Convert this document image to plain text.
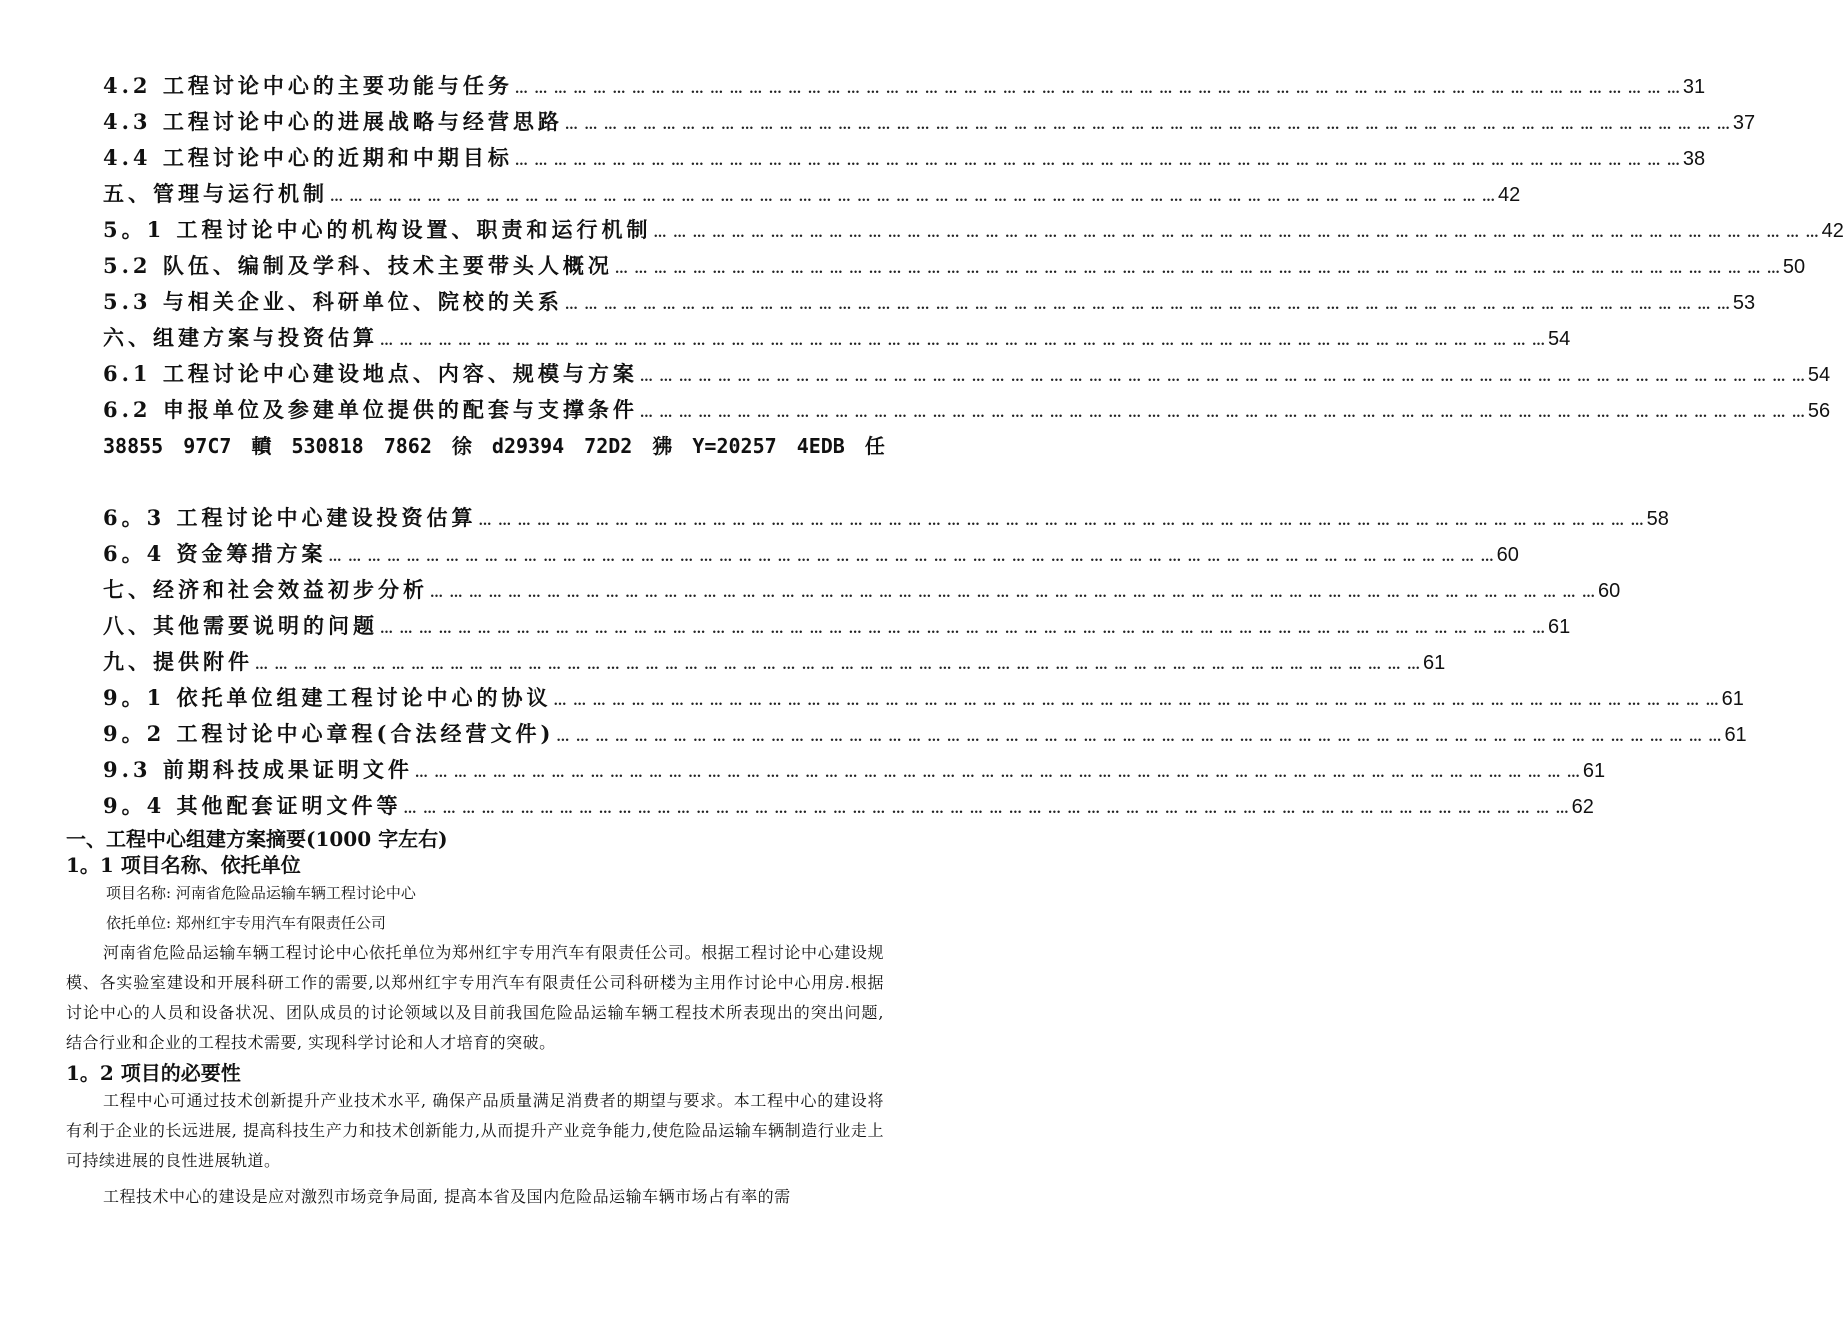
4.2 工程讨论中心的主要功能与任务 … … … … … … … … … … … … … … … … … … … … … … … … … … … … … … … … … … … … … … … … … … … … … … … … … … … … … … … … … … … … 31
4.3 工程讨论中心的进展战略与经营思路 … … … … … … … … … … … … … … … … … … … … … … … … … … … … … … … … … … … … … … … … … … … … … … … … … … … … … … … … … … … … 37
4.4 工程讨论中心的近期和中期目标 … … … … … … … … … … … … … … … … … … … … … … … … … … … … … … … … … … … … … … … … … … … … … … … … … … … … … … … … … … … … 38
五、管理与运行机制 … … … … … … … … … … … … … … … … … … … … … … … … … … … … … … … … … … … … … … … … … … … … … … … … … … … … … … … … … … … … 42
5。1 工程讨论中心的机构设置、职责和运行机制 … … … … … … … … … … … … … … … … … … … … … … … … … … … … … … … … … … … … … … … … … … … … … … … … … … … … … … … … … … … … 42
5.2 队伍、编制及学科、技术主要带头人概况 … … … … … … … … … … … … … … … … … … … … … … … … … … … … … … … … … … … … … … … … … … … … … … … … … … … … … … … … … … … … 50
5.3 与相关企业、科研单位、院校的关系 … … … … … … … … … … … … … … … … … … … … … … … … … … … … … … … … … … … … … … … … … … … … … … … … … … … … … … … … … … … … 53
六、组建方案与投资估算 … … … … … … … … … … … … … … … … … … … … … … … … … … … … … … … … … … … … … … … … … … … … … … … … … … … … … … … … … … … … 54
6.1 工程讨论中心建设地点、内容、规模与方案 … … … … … … … … … … … … … … … … … … … … … … … … … … … … … … … … … … … … … … … … … … … … … … … … … … … … … … … … … … … … 54
6.2 申报单位及参建单位提供的配套与支撑条件 … … … … … … … … … … … … … … … … … … … … … … … … … … … … … … … … … … … … … … … … … … … … … … … … … … … … … … … … … … … … 56
38855 97C7 轒 530818 7862 徐 d29394 72D2 狒 Y=20257 4EDB 任
6。3 工程讨论中心建设投资估算 … … … … … … … … … … … … … … … … … … … … … … … … … … … … … … … … … … … … … … … … … … … … … … … … … … … … … … … … … … … … 58
6。4 资金筹措方案 … … … … … … … … … … … … … … … … … … … … … … … … … … … … … … … … … … … … … … … … … … … … … … … … … … … … … … … … … … … … 60
七、经济和社会效益初步分析 … … … … … … … … … … … … … … … … … … … … … … … … … … … … … … … … … … … … … … … … … … … … … … … … … … … … … … … … … … … … 60
八、其他需要说明的问题 … … … … … … … … … … … … … … … … … … … … … … … … … … … … … … … … … … … … … … … … … … … … … … … … … … … … … … … … … … … … 61
九、提供附件 … … … … … … … … … … … … … … … … … … … … … … … … … … … … … … … … … … … … … … … … … … … … … … … … … … … … … … … … … … … … 61
9。1 依托单位组建工程讨论中心的协议 … … … … … … … … … … … … … … … … … … … … … … … … … … … … … … … … … … … … … … … … … … … … … … … … … … … … … … … … … … … … 61
9。2 工程讨论中心章程(合法经营文件) … … … … … … … … … … … … … … … … … … … … … … … … … … … … … … … … … … … … … … … … … … … … … … … … … … … … … … … … … … … … 61
9.3 前期科技成果证明文件 … … … … … … … … … … … … … … … … … … … … … … … … … … … … … … … … … … … … … … … … … … … … … … … … … … … … … … … … … … … … 61
9。4 其他配套证明文件等 … … … … … … … … … … … … … … … … … … … … … … … … … … … … … … … … … … … … … … … … … … … … … … … … … … … … … … … … … … … … 62
一、工程中心组建方案摘要(1000 字左右)
1。1 项目名称、依托单位
项目名称: 河南省危险品运输车辆工程讨论中心
依托单位: 郑州红宇专用汽车有限责任公司
河南省危险品运输车辆工程讨论中心依托单位为郑州红宇专用汽车有限责任公司。根据工程讨论中心建设规模、各实验室建设和开展科研工作的需要,以郑州红宇专用汽车有限责任公司科研楼为主用作讨论中心用房.根据讨论中心的人员和设备状况、团队成员的讨论领域以及目前我国危险品运输车辆工程技术所表现出的突出问题, 结合行业和企业的工程技术需要, 实现科学讨论和人才培育的突破。
1。2 项目的必要性
工程中心可通过技术创新提升产业技术水平, 确保产品质量满足消费者的期望与要求。本工程中心的建设将有利于企业的长远进展, 提高科技生产力和技术创新能力,从而提升产业竞争能力,使危险品运输车辆制造行业走上可持续进展的良性进展轨道。
工程技术中心的建设是应对激烈市场竞争局面, 提高本省及国内危险品运输车辆市场占有率的需
